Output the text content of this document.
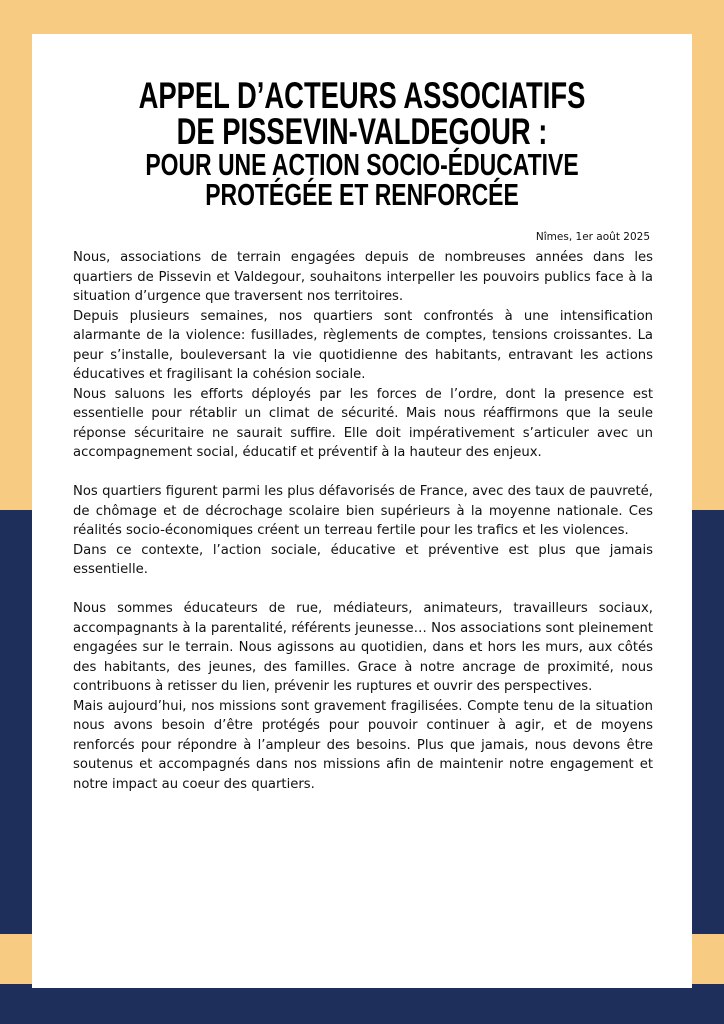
APPEL D’ACTEURS ASSOCIATIFS
DE PISSEVIN-VALDEGOUR :
POUR UNE ACTION SOCIO-ÉDUCATIVE
PROTÉGÉE ET RENFORCÉE
Nîmes, 1er août 2025

Nous, associations de terrain engagées depuis de nombreuses années dans les quartiers de Pissevin et Valdegour, souhaitons interpeller les pouvoirs publics face à la situation d’urgence que traversent nos territoires.

Depuis plusieurs semaines, nos quartiers sont confrontés à une intensification alarmante de la violence: fusillades, règlements de comptes, tensions croissantes. La peur s’installe, bouleversant la vie quotidienne des habitants, entravant les actions éducatives et fragilisant la cohésion sociale.

Nous saluons les efforts déployés par les forces de l’ordre, dont la presence est essentielle pour rétablir un climat de sécurité. Mais nous réaffirmons que la seule réponse sécuritaire ne saurait suffire. Elle doit impérativement s’articuler avec un accompagnement social, éducatif et préventif à la hauteur des enjeux.

Nos quartiers figurent parmi les plus défavorisés de France, avec des taux de pauvreté, de chômage et de décrochage scolaire bien supérieurs à la moyenne nationale. Ces réalités socio-économiques créent un terreau fertile pour les trafics et les violences.

Dans ce contexte, l’action sociale, éducative et préventive est plus que jamais essentielle.

Nous sommes éducateurs de rue, médiateurs, animateurs, travailleurs sociaux, accompagnants à la parentalité, référents jeunesse… Nos associations sont pleinement engagées sur le terrain. Nous agissons au quotidien, dans et hors les murs, aux côtés des habitants, des jeunes, des familles. Grace à notre ancrage de proximité, nous contribuons à retisser du lien, prévenir les ruptures et ouvrir des perspectives.

Mais aujourd’hui, nos missions sont gravement fragilisées. Compte tenu de la situation nous avons besoin d’être protégés pour pouvoir continuer à agir, et de moyens renforcés pour répondre à l’ampleur des besoins. Plus que jamais, nous devons être soutenus et accompagnés dans nos missions afin de maintenir notre engagement et notre impact au coeur des quartiers.
